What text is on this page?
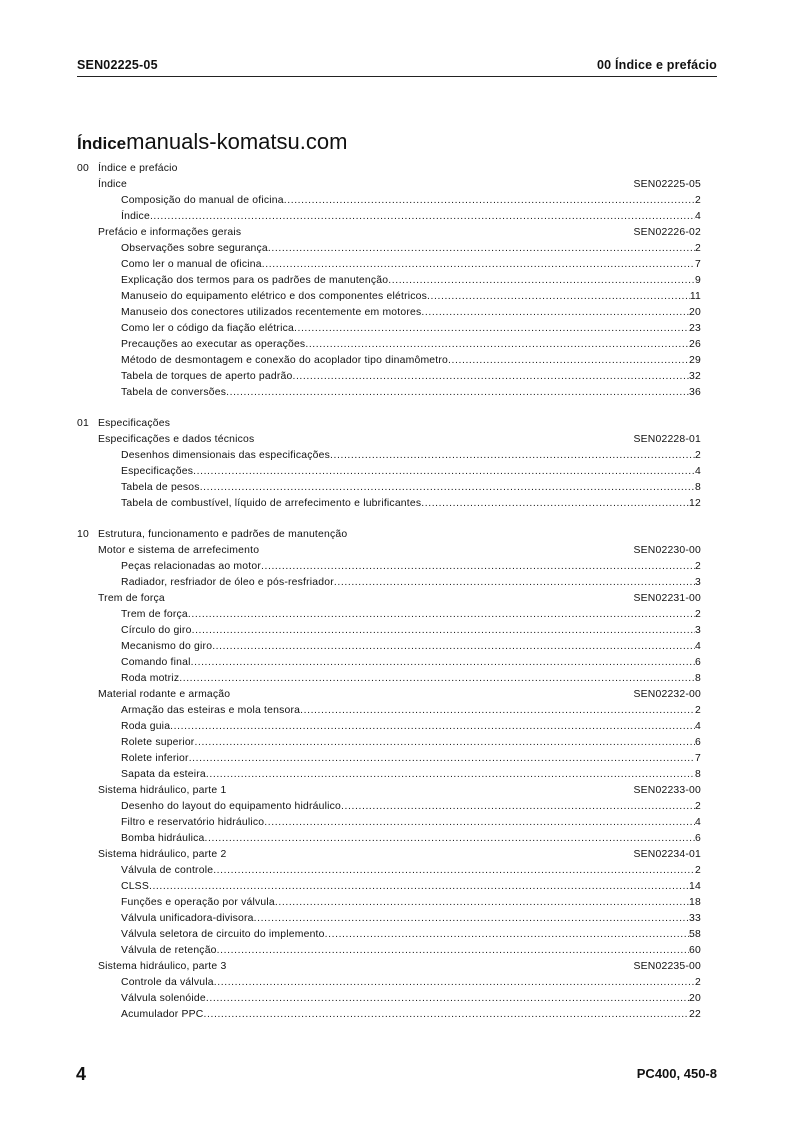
SEN02225-05	00 Índice e prefácio
Índicemanuals-komatsu.com
00 Índice e prefácio
Índice	SEN02225-05
Composição do manual de oficina .....	2
Índice .....	4
Prefácio e informações gerais	SEN02226-02
Observações sobre segurança .....	2
Como ler o manual de oficina .....	7
Explicação dos termos para os padrões de manutenção .....	9
Manuseio do equipamento elétrico e dos componentes elétricos .....	11
Manuseio dos conectores utilizados recentemente em motores .....	20
Como ler o código da fiação elétrica .....	23
Precauções ao executar as operações .....	26
Método de desmontagem e conexão do acoplador tipo dinamômetro .....	29
Tabela de torques de aperto padrão .....	32
Tabela de conversões .....	36
01 Especificações
Especificações e dados técnicos	SEN02228-01
Desenhos dimensionais das especificações .....	2
Especificações .....	4
Tabela de pesos .....	8
Tabela de combustível, líquido de arrefecimento e lubrificantes .....	12
10 Estrutura, funcionamento e padrões de manutenção
Motor e sistema de arrefecimento	SEN02230-00
Peças relacionadas ao motor .....	2
Radiador, resfriador de óleo e pós-resfriador .....	3
Trem de força	SEN02231-00
Trem de força .....	2
Círculo do giro .....	3
Mecanismo do giro .....	4
Comando final .....	6
Roda motriz .....	8
Material rodante e armação	SEN02232-00
Armação das esteiras e mola tensora .....	2
Roda guia .....	4
Rolete superior .....	6
Rolete inferior .....	7
Sapata da esteira .....	8
Sistema hidráulico, parte 1	SEN02233-00
Desenho do layout do equipamento hidráulico .....	2
Filtro e reservatório hidráulico .....	4
Bomba hidráulica .....	6
Sistema hidráulico, parte 2	SEN02234-01
Válvula de controle .....	2
CLSS .....	14
Funções e operação por válvula .....	18
Válvula unificadora-divisora .....	33
Válvula seletora de circuito do implemento .....	58
Válvula de retenção .....	60
Sistema hidráulico, parte 3	SEN02235-00
Controle da válvula .....	2
Válvula solenóide .....	20
Acumulador PPC .....	22
4	PC400, 450-8
